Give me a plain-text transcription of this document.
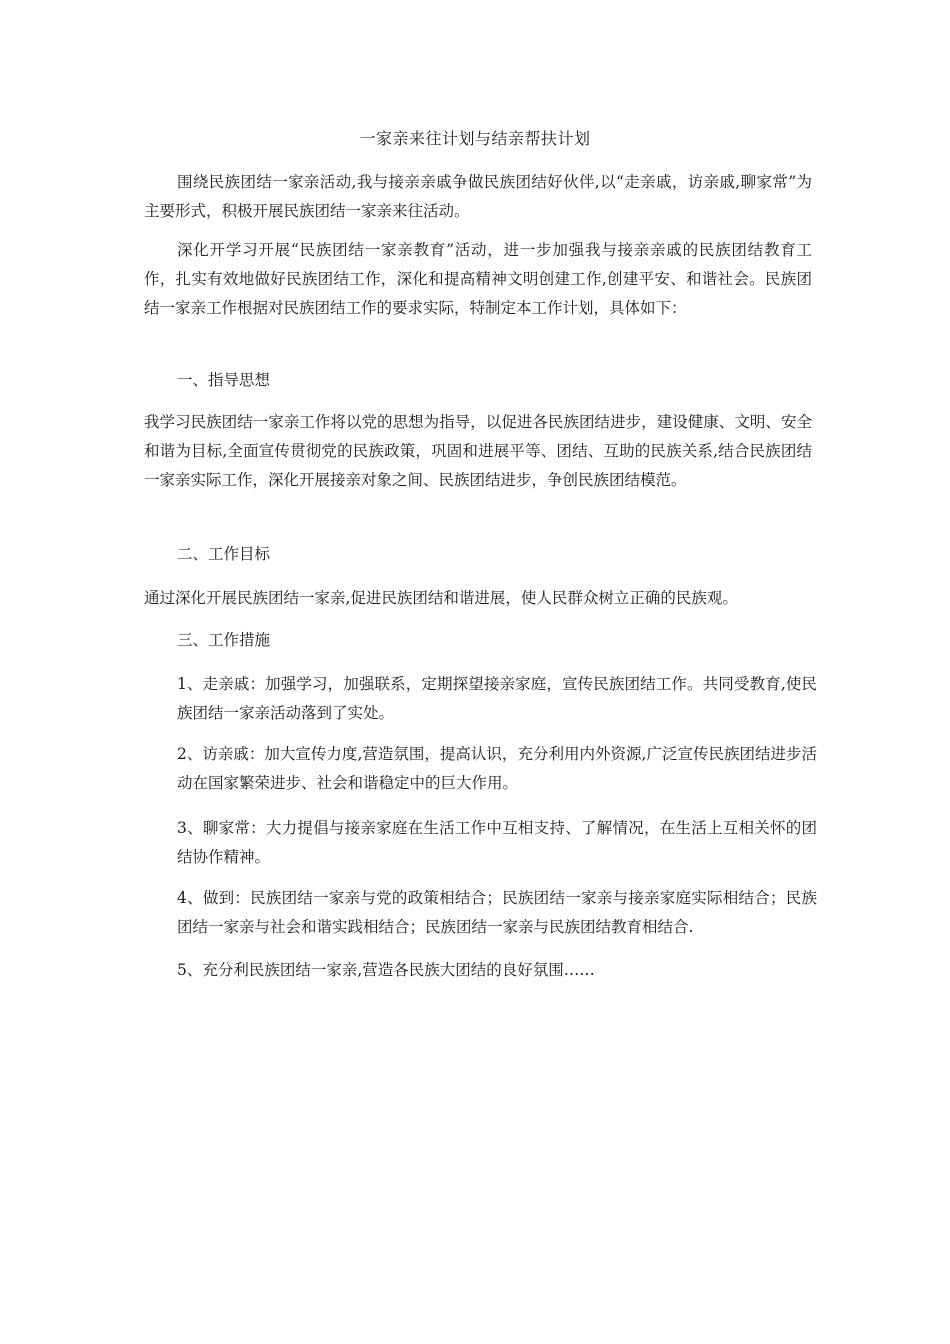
一家亲来往计划与结亲帮扶计划

围绕民族团结一家亲活动,我与接亲亲戚争做民族团结好伙伴,以“走亲戚，访亲戚,聊家常”为主要形式，积极开展民族团结一家亲来往活动。

深化开学习开展“民族团结一家亲教育”活动，进一步加强我与接亲亲戚的民族团结教育工作，扎实有效地做好民族团结工作，深化和提高精神文明创建工作,创建平安、和谐社会。民族团结一家亲工作根据对民族团结工作的要求实际，特制定本工作计划，具体如下：

一、指导思想

我学习民族团结一家亲工作将以党的思想为指导，以促进各民族团结进步，建设健康、文明、安全和谐为目标,全面宣传贯彻党的民族政策，巩固和进展平等、团结、互助的民族关系,结合民族团结一家亲实际工作，深化开展接亲对象之间、民族团结进步，争创民族团结模范。

二、工作目标

通过深化开展民族团结一家亲,促进民族团结和谐进展，使人民群众树立正确的民族观。

三、工作措施

1、走亲戚：加强学习，加强联系，定期探望接亲家庭，宣传民族团结工作。共同受教育,使民族团结一家亲活动落到了实处。

2、访亲戚：加大宣传力度,营造氛围，提高认识，充分利用内外资源,广泛宣传民族团结进步活动在国家繁荣进步、社会和谐稳定中的巨大作用。

3、聊家常：大力提倡与接亲家庭在生活工作中互相支持、了解情况，在生活上互相关怀的团结协作精神。

4、做到：民族团结一家亲与党的政策相结合；民族团结一家亲与接亲家庭实际相结合；民族团结一家亲与社会和谐实践相结合；民族团结一家亲与民族团结教育相结合.

5、充分利民族团结一家亲,营造各民族大团结的良好氛围……
